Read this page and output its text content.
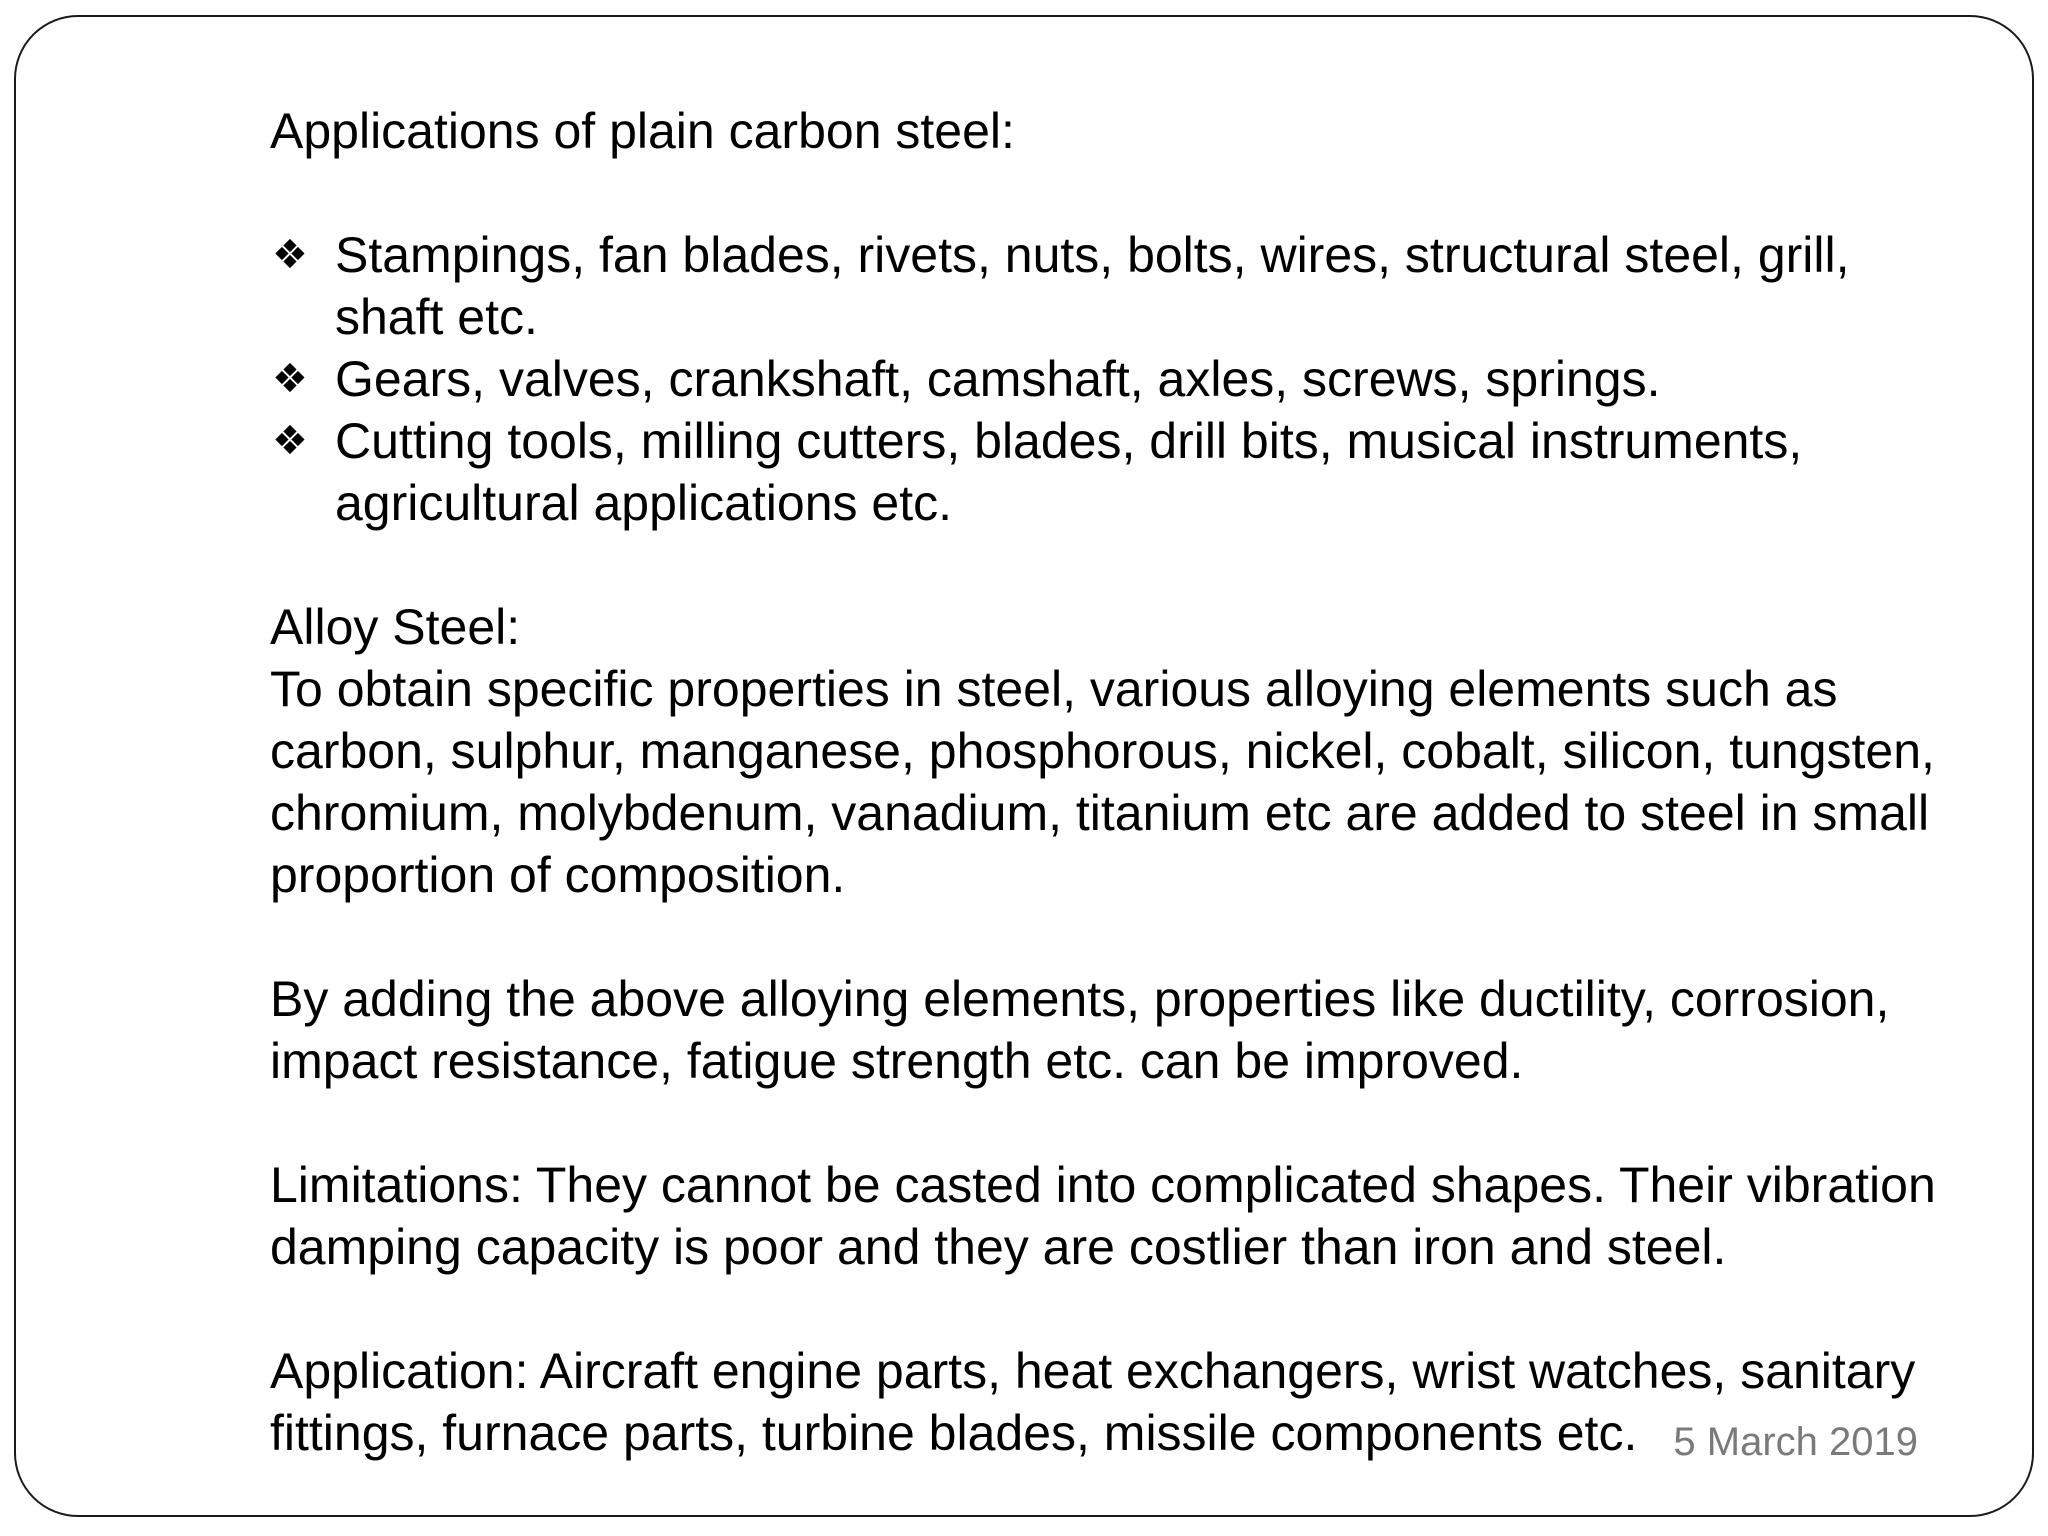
Applications of plain carbon steel:

❖ Stampings, fan blades, rivets, nuts, bolts, wires, structural steel, grill, shaft etc.
❖ Gears, valves, crankshaft, camshaft, axles, screws, springs.
❖ Cutting tools, milling cutters, blades, drill bits, musical instruments, agricultural applications etc.

Alloy Steel:

To obtain specific properties in steel, various alloying elements such as carbon, sulphur, manganese, phosphorous, nickel, cobalt, silicon, tungsten, chromium, molybdenum, vanadium, titanium etc are added to steel in small proportion of composition.

By adding the above alloying elements, properties like ductility, corrosion, impact resistance, fatigue strength etc. can be improved.

Limitations: They cannot be casted into complicated shapes. Their vibration damping capacity is poor and they are costlier than iron and steel.

Application: Aircraft engine parts, heat exchangers, wrist watches, sanitary fittings, furnace parts, turbine blades, missile components etc. 5 March 2019
